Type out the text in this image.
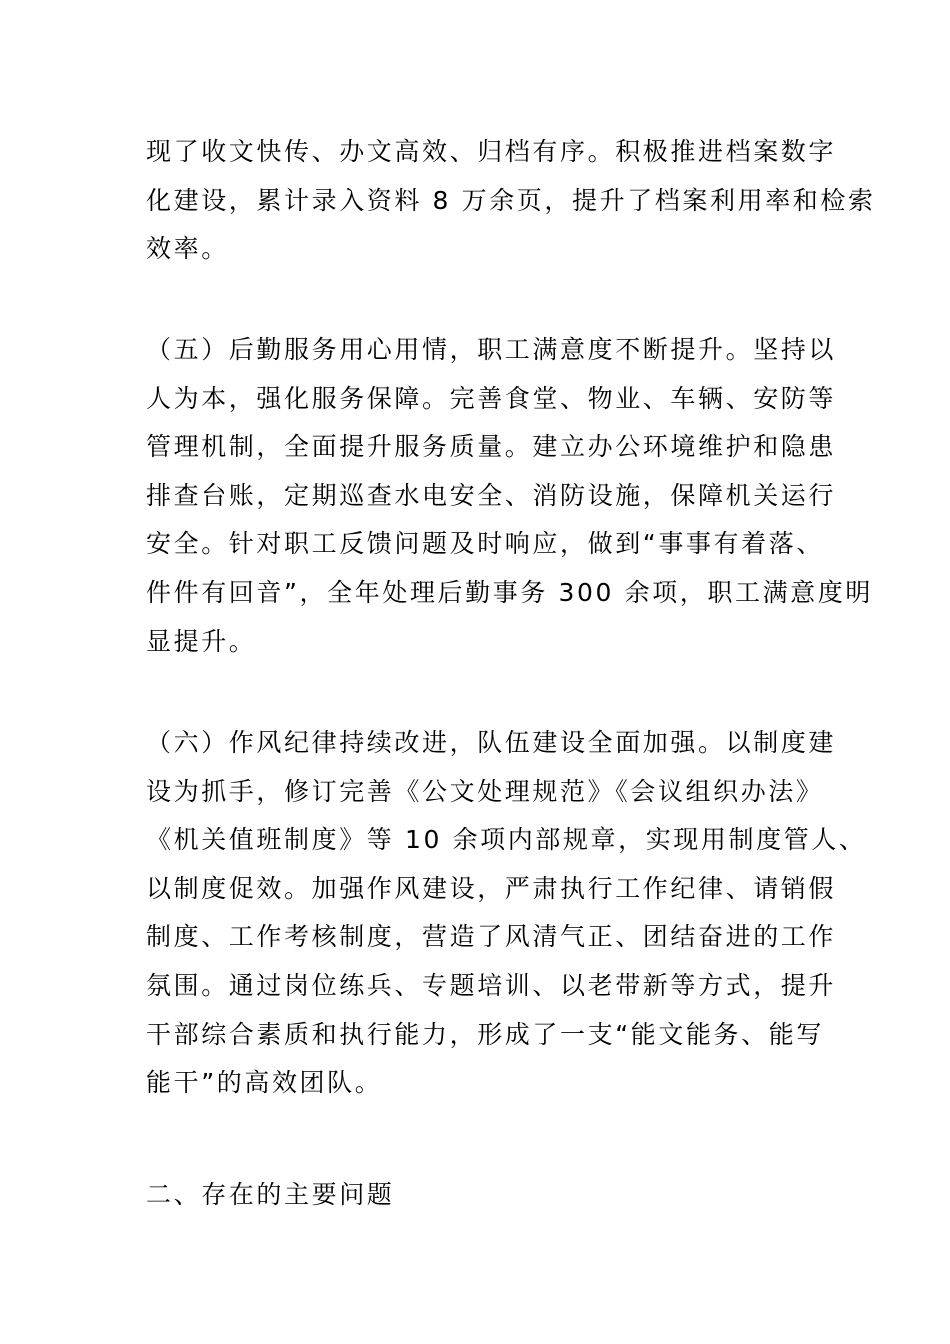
现了收文快传、办文高效、归档有序。积极推进档案数字
化建设，累计录入资料 8 万余页，提升了档案利用率和检索
效率。
（五）后勤服务用心用情，职工满意度不断提升。坚持以
人为本，强化服务保障。完善食堂、物业、车辆、安防等
管理机制，全面提升服务质量。建立办公环境维护和隐患
排查台账，定期巡查水电安全、消防设施，保障机关运行
安全。针对职工反馈问题及时响应，做到“事事有着落、
件件有回音”，全年处理后勤事务 300 余项，职工满意度明
显提升。
（六）作风纪律持续改进，队伍建设全面加强。以制度建
设为抓手，修订完善《公文处理规范》《会议组织办法》
《机关值班制度》等 10 余项内部规章，实现用制度管人、
以制度促效。加强作风建设，严肃执行工作纪律、请销假
制度、工作考核制度，营造了风清气正、团结奋进的工作
氛围。通过岗位练兵、专题培训、以老带新等方式，提升
干部综合素质和执行能力，形成了一支“能文能务、能写
能干”的高效团队。
二、存在的主要问题
